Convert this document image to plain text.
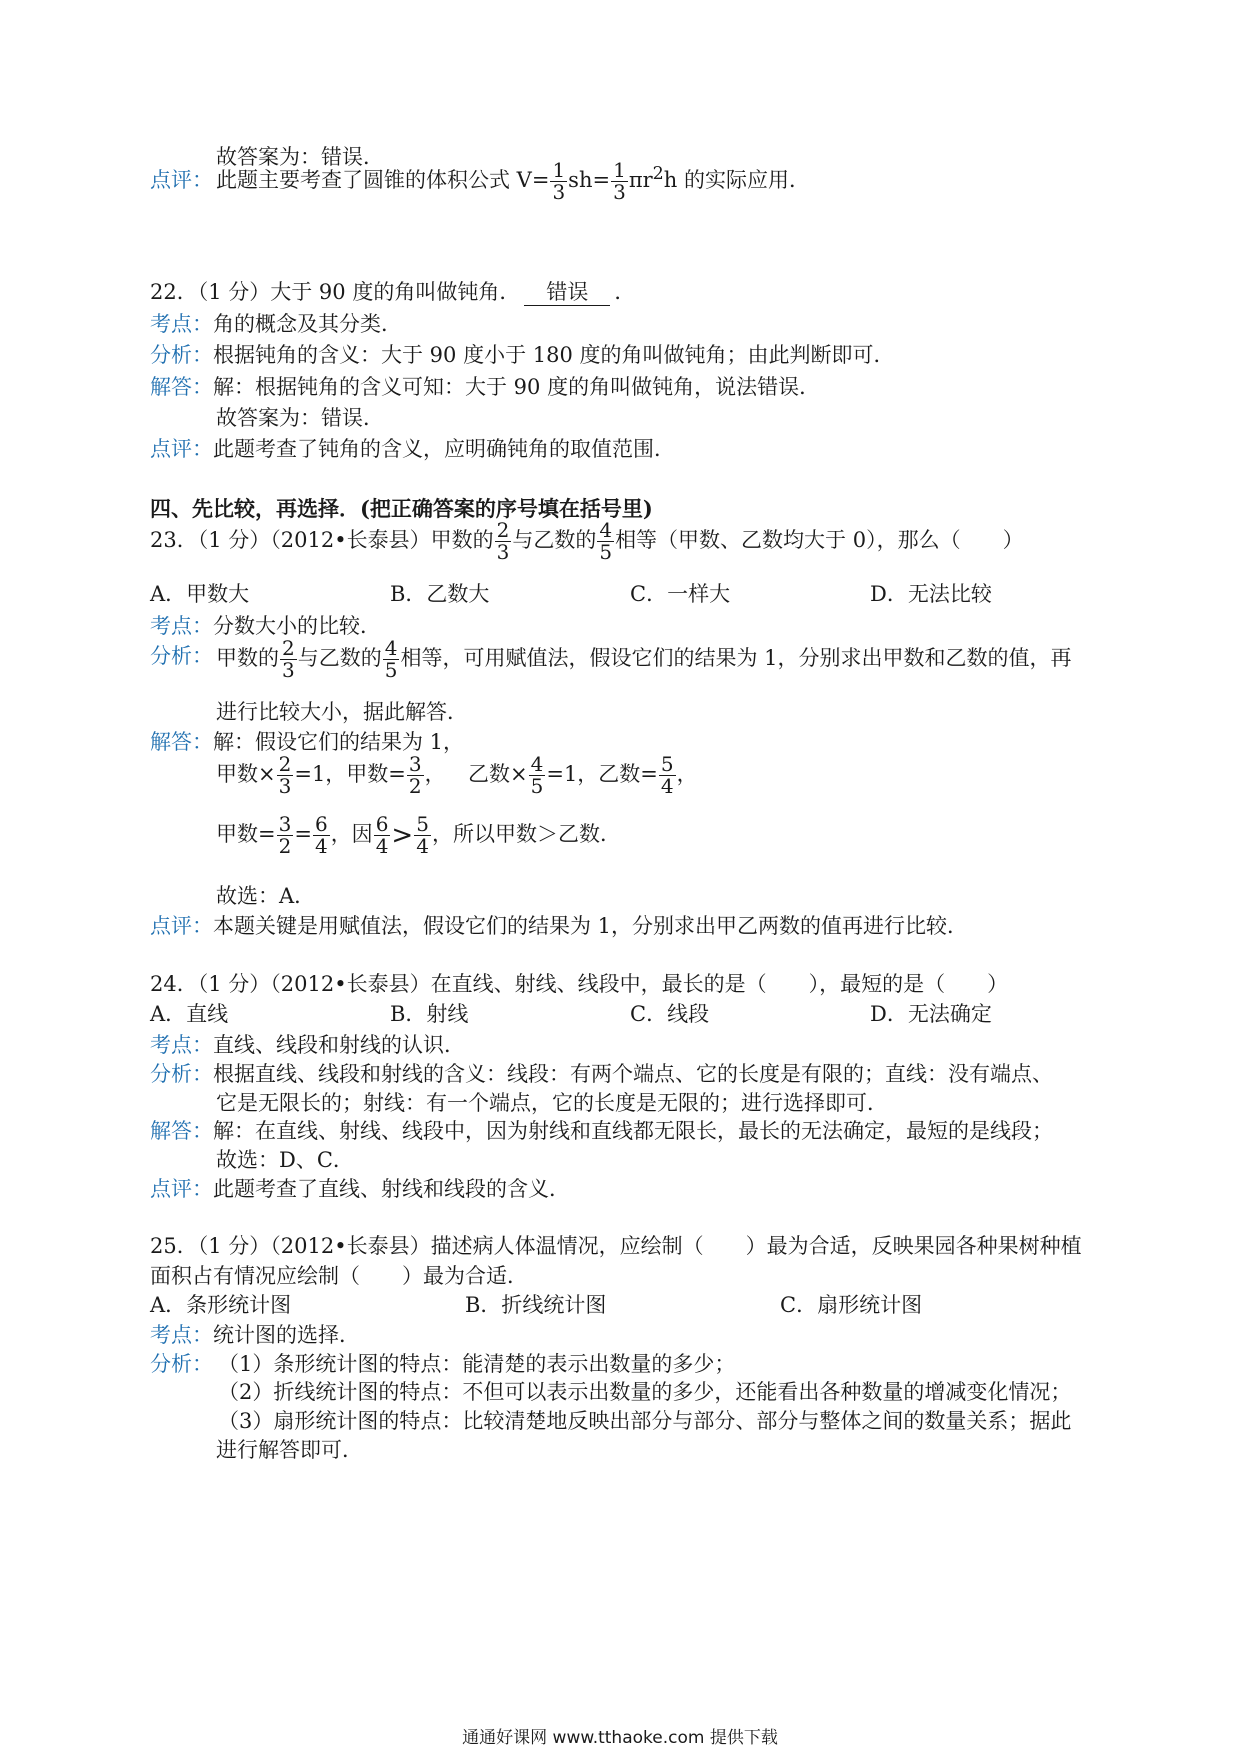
故答案为：错误．
点评： 此题主要考查了圆锥的体积公式 $V= \frac{1}{3} sh= \frac{1}{3} \pi r^2h$ 的实际应用．
22．（1 分）大于 90 度的角叫做钝角． 错误 ．
考点：角的概念及其分类．
分析：根据钝角的含义：大于 90 度小于 180 度的角叫做钝角；由此判断即可．
解答：解：根据钝角的含义可知：大于 90 度的角叫做钝角，说法错误．
故答案为：错误．
点评：此题考查了钝角的含义，应明确钝角的取值范围．
四、先比较，再选择．(把正确答案的序号填在括号里)
23．（1 分）（2012•长泰县）甲数的 $\frac{2}{3}$ 与乙数的 $\frac{4}{5}$ 相等（甲数、乙数均大于 0），那么（　　）
A．甲数大	B．乙数大	C．一样大	D．无法比较
考点：分数大小的比较．
分析： 甲数的 $\frac{2}{3}$ 与乙数的 $\frac{4}{5}$ 相等，可用赋值法，假设它们的结果为 1，分别求出甲数和乙数的值，再
进行比较大小，据此解答．
解答：解：假设它们的结果为 1，
甲数× $\frac{2}{3} =1$，甲数= $\frac{3}{2}$ ， 乙数× $\frac{4}{5} =1$，乙数= $\frac{5}{4}$ ，
甲数= $\frac{3}{2} = \frac{6}{4}$ ，因 $\frac{6}{4} > \frac{5}{4}$ ，所以甲数＞乙数．
故选：A．
点评：本题关键是用赋值法，假设它们的结果为 1，分别求出甲乙两数的值再进行比较．
24．（1 分）（2012•长泰县）在直线、射线、线段中，最长的是（　　），最短的是（　　）
A．直线	B．射线	C．线段	D．无法确定
考点：直线、线段和射线的认识．
分析：根据直线、线段和射线的含义：线段：有两个端点、它的长度是有限的；直线：没有端点、
它是无限长的；射线：有一个端点，它的长度是无限的；进行选择即可．
解答：解：在直线、射线、线段中，因为射线和直线都无限长，最长的无法确定，最短的是线段；
故选：D、C．
点评：此题考查了直线、射线和线段的含义．
25．（1 分）（2012•长泰县）描述病人体温情况，应绘制（　　）最为合适，反映果园各种果树种植
面积占有情况应绘制（　　）最为合适．
A．条形统计图	B．折线统计图	C．扇形统计图
考点：统计图的选择．
分析： （1）条形统计图的特点：能清楚的表示出数量的多少；
（2）折线统计图的特点：不但可以表示出数量的多少，还能看出各种数量的增减变化情况；
（3）扇形统计图的特点：比较清楚地反映出部分与部分、部分与整体之间的数量关系；据此
进行解答即可．
通通好课网 www.tthaoke.com 提供下载
